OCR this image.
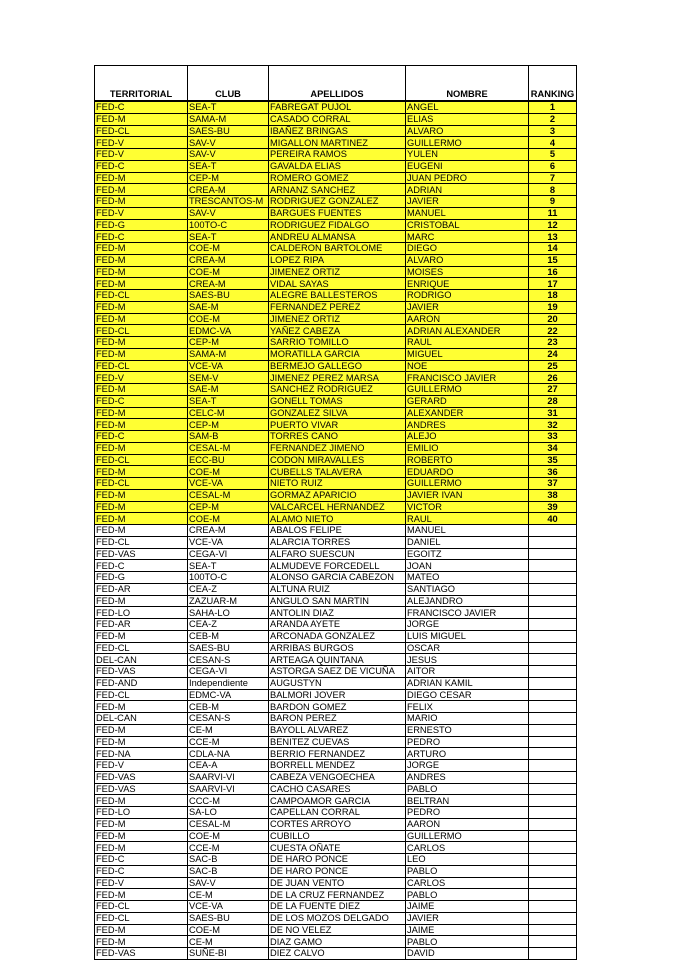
TERRITORIAL	CLUB	APELLIDOS	NOMBRE	RANKING
FED-C	SEA-T	FABREGAT PUJOL	ANGEL	1
FED-M	SAMA-M	CASADO CORRAL	ELIAS	2
FED-CL	SAES-BU	IBAÑEZ BRINGAS	ALVARO	3
FED-V	SAV-V	MIGALLON MARTINEZ	GUILLERMO	4
FED-V	SAV-V	PEREIRA RAMOS	YULEN	5
FED-C	SEA-T	GAVALDA ELIAS	EUGENI	6
FED-M	CEP-M	ROMERO GOMEZ	JUAN PEDRO	7
FED-M	CREA-M	ARNANZ SANCHEZ	ADRIAN	8
FED-M	TRESCANTOS-M	RODRIGUEZ GONZALEZ	JAVIER	9
FED-V	SAV-V	BARGUES FUENTES	MANUEL	11
FED-G	100TO-C	RODRIGUEZ FIDALGO	CRISTOBAL	12
FED-C	SEA-T	ANDREU ALMANSA	MARC	13
FED-M	COE-M	CALDERON BARTOLOME	DIEGO	14
FED-M	CREA-M	LOPEZ RIPA	ALVARO	15
FED-M	COE-M	JIMENEZ ORTIZ	MOISES	16
FED-M	CREA-M	VIDAL SAYAS	ENRIQUE	17
FED-CL	SAES-BU	ALEGRE BALLESTEROS	RODRIGO	18
FED-M	SAE-M	FERNANDEZ PEREZ	JAVIER	19
FED-M	COE-M	JIMENEZ ORTIZ	AARON	20
FED-CL	EDMC-VA	YAÑEZ CABEZA	ADRIAN ALEXANDER	22
FED-M	CEP-M	SARRIO TOMILLO	RAUL	23
FED-M	SAMA-M	MORATILLA GARCIA	MIGUEL	24
FED-CL	VCE-VA	BERMEJO GALLEGO	NOE	25
FED-V	SEM-V	JIMENEZ PEREZ MARSA	FRANCISCO JAVIER	26
FED-M	SAE-M	SANCHEZ RODRIGUEZ	GUILLERMO	27
FED-C	SEA-T	GONELL TOMAS	GERARD	28
FED-M	CELC-M	GONZALEZ SILVA	ALEXANDER	31
FED-M	CEP-M	PUERTO VIVAR	ANDRES	32
FED-C	SAM-B	TORRES CANO	ALEJO	33
FED-M	CESAL-M	FERNANDEZ JIMENO	EMILIO	34
FED-CL	ECC-BU	CODON MIRAVALLES	ROBERTO	35
FED-M	COE-M	CUBELLS TALAVERA	EDUARDO	36
FED-CL	VCE-VA	NIETO RUIZ	GUILLERMO	37
FED-M	CESAL-M	GORMAZ APARICIO	JAVIER IVAN	38
FED-M	CEP-M	VALCARCEL HERNANDEZ	VICTOR	39
FED-M	COE-M	ALAMO NIETO	RAUL	40
FED-M	CREA-M	ABALOS FELIPE	MANUEL	
FED-CL	VCE-VA	ALARCIA TORRES	DANIEL	
FED-VAS	CEGA-VI	ALFARO SUESCUN	EGOITZ	
FED-C	SEA-T	ALMUDEVE FORCEDELL	JOAN	
FED-G	100TO-C	ALONSO GARCIA CABEZON	MATEO	
FED-AR	CEA-Z	ALTUNA RUIZ	SANTIAGO	
FED-M	ZAZUAR-M	ANGULO SAN MARTIN	ALEJANDRO	
FED-LO	SAHA-LO	ANTOLIN DIAZ	FRANCISCO JAVIER	
FED-AR	CEA-Z	ARANDA AYETE	JORGE	
FED-M	CEB-M	ARCONADA GONZALEZ	LUIS MIGUEL	
FED-CL	SAES-BU	ARRIBAS BURGOS	OSCAR	
DEL-CAN	CESAN-S	ARTEAGA QUINTANA	JESUS	
FED-VAS	CEGA-VI	ASTORGA SAEZ DE VICUÑA	AITOR	
FED-AND	Independiente	AUGUSTYN	ADRIAN KAMIL	
FED-CL	EDMC-VA	BALMORI JOVER	DIEGO CESAR	
FED-M	CEB-M	BARDON GOMEZ	FELIX	
DEL-CAN	CESAN-S	BARON PEREZ	MARIO	
FED-M	CE-M	BAYOLL ALVAREZ	ERNESTO	
FED-M	CCE-M	BENITEZ CUEVAS	PEDRO	
FED-NA	CDLA-NA	BERRIO FERNANDEZ	ARTURO	
FED-V	CEA-A	BORRELL MENDEZ	JORGE	
FED-VAS	SAARVI-VI	CABEZA VENGOECHEA	ANDRES	
FED-VAS	SAARVI-VI	CACHO CASARES	PABLO	
FED-M	CCC-M	CAMPOAMOR GARCIA	BELTRAN	
FED-LO	SA-LO	CAPELLAN CORRAL	PEDRO	
FED-M	CESAL-M	CORTES ARROYO	AARON	
FED-M	COE-M	CUBILLO	GUILLERMO	
FED-M	CCE-M	CUESTA OÑATE	CARLOS	
FED-C	SAC-B	DE HARO PONCE	LEO	
FED-C	SAC-B	DE HARO PONCE	PABLO	
FED-V	SAV-V	DE JUAN VENTO	CARLOS	
FED-M	CE-M	DE LA CRUZ FERNANDEZ	PABLO	
FED-CL	VCE-VA	DE LA FUENTE DIEZ	JAIME	
FED-CL	SAES-BU	DE LOS MOZOS DELGADO	JAVIER	
FED-M	COE-M	DE NO VELEZ	JAIME	
FED-M	CE-M	DIAZ GAMO	PABLO	
FED-VAS	SUÑE-BI	DIEZ CALVO	DAVID	
